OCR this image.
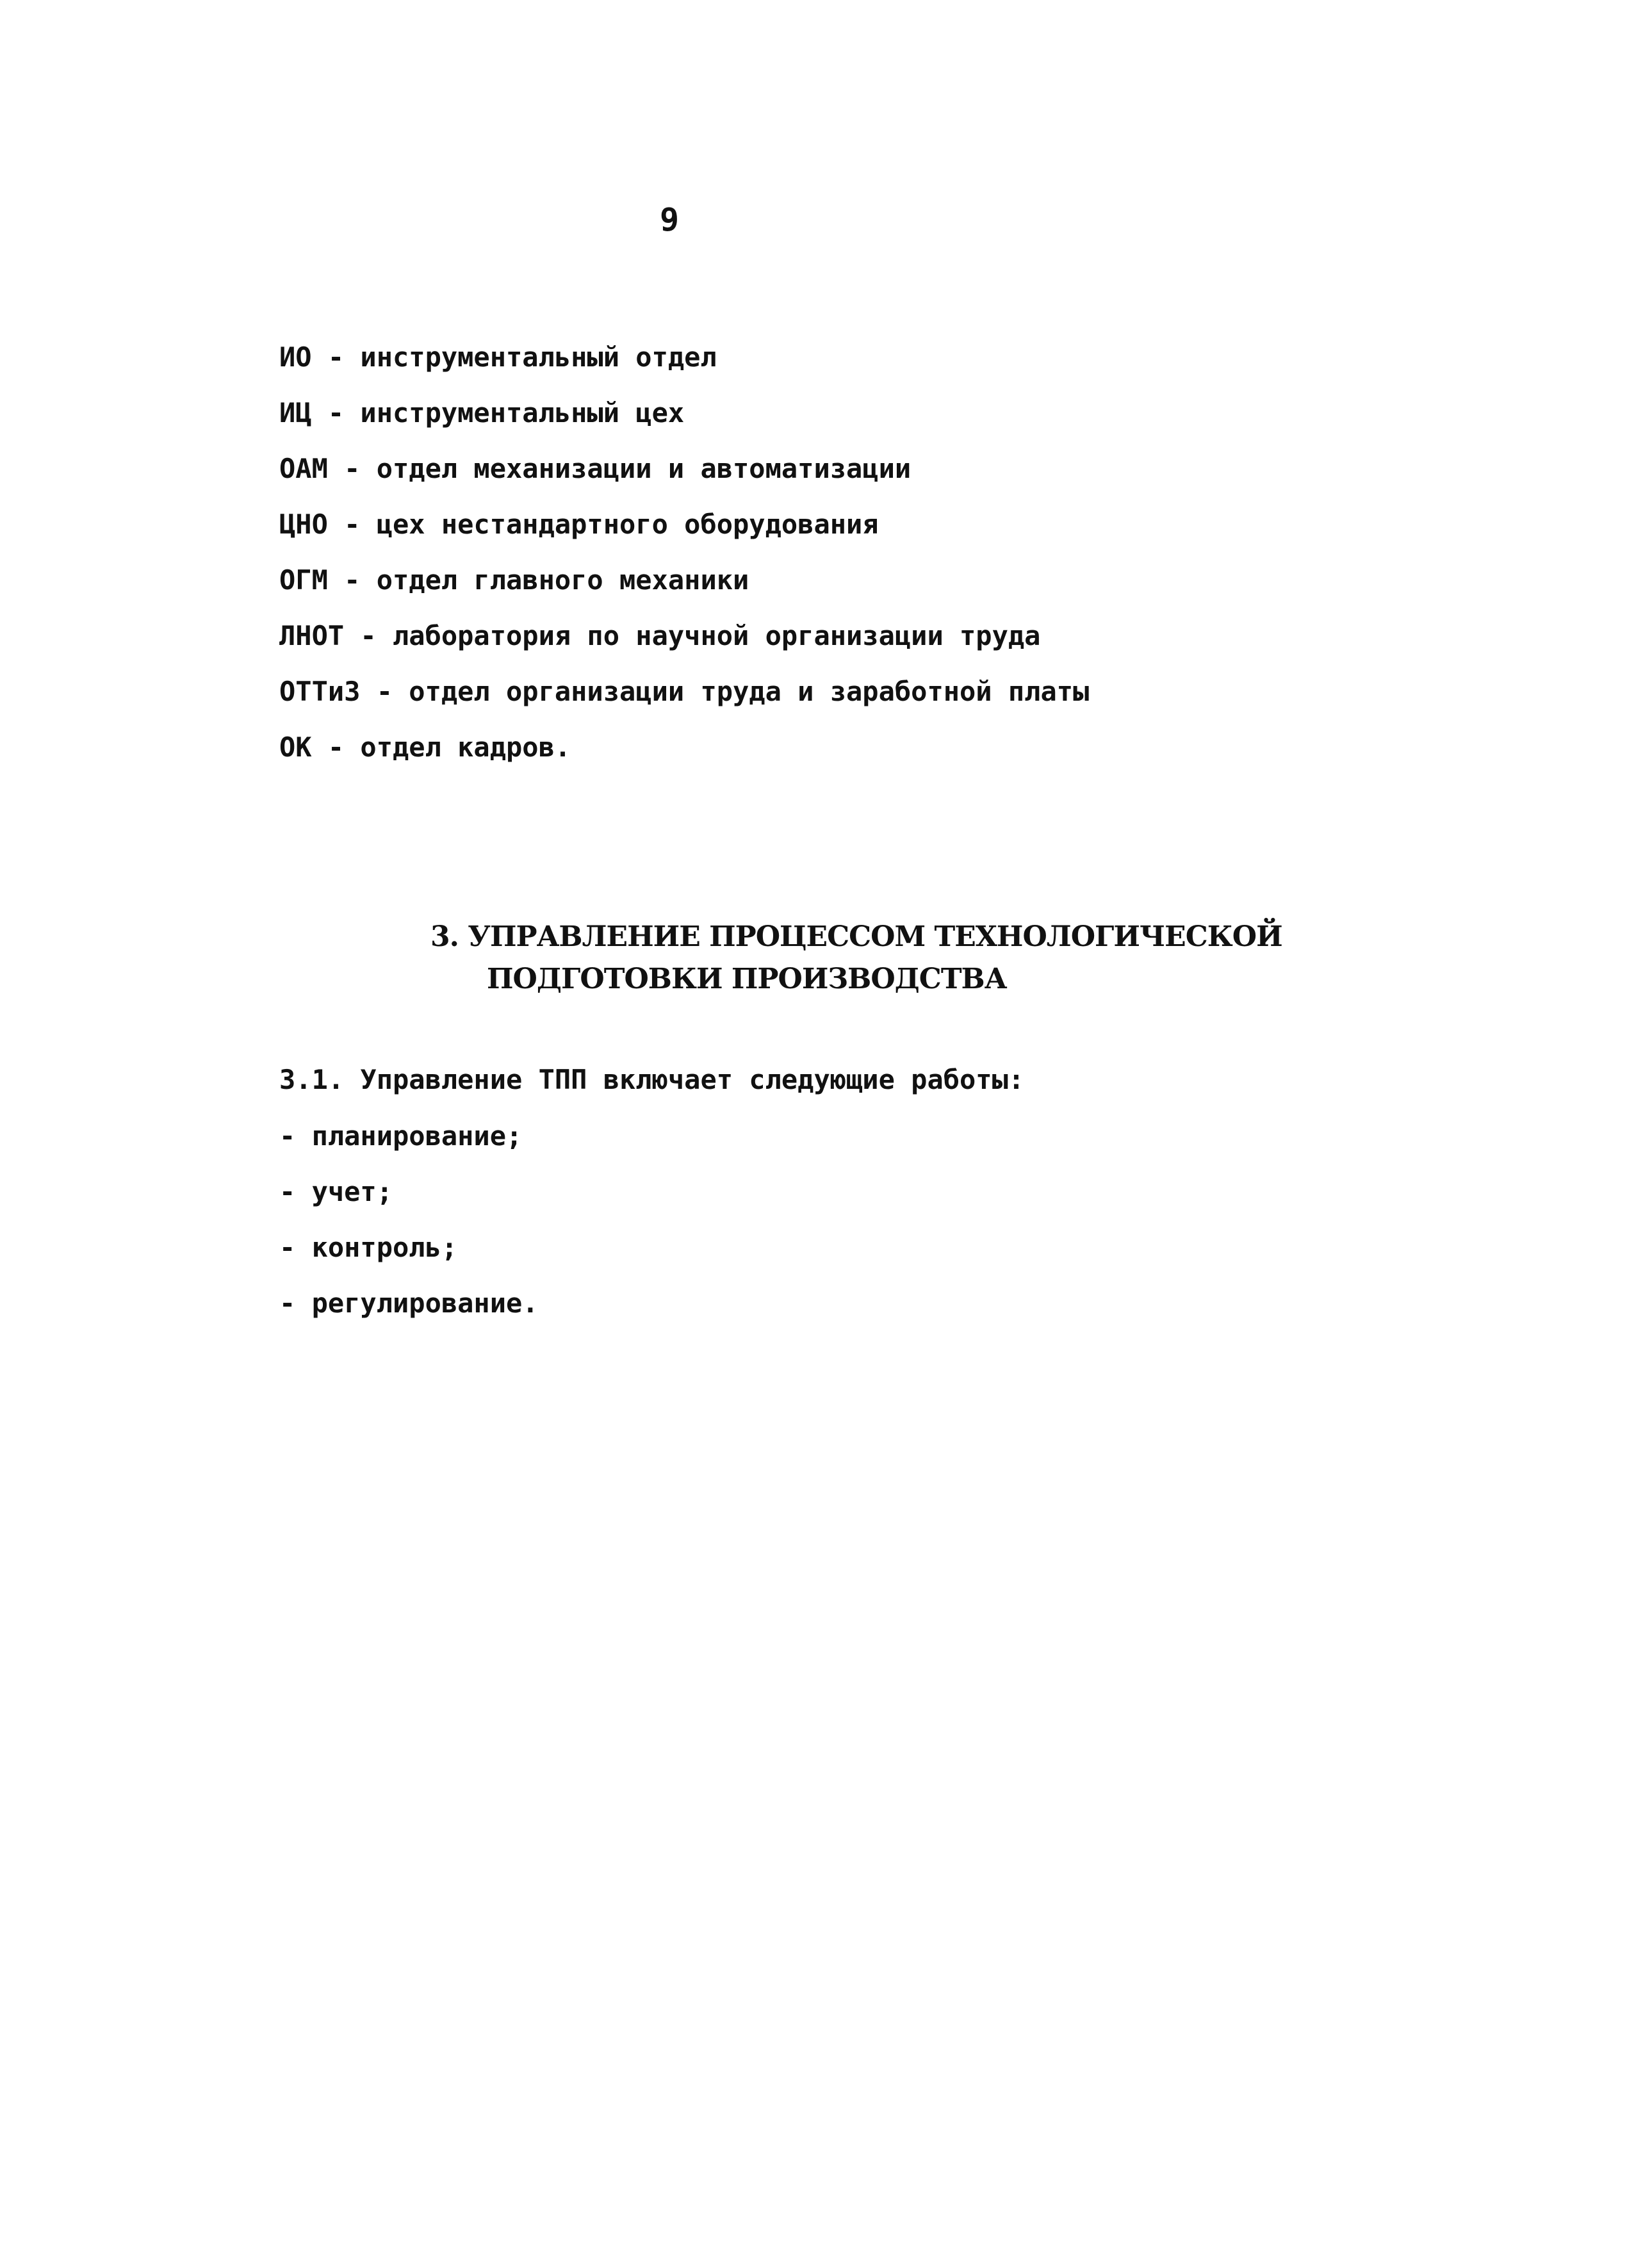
9
ИО - инструментальный отдел
ИЦ - инструментальный цех
ОАМ - отдел механизации и автоматизации
ЦНО - цех нестандартного оборудования
ОГМ - отдел главного механики
ЛНОТ - лаборатория по научной организации труда
ОТТиЗ - отдел организации труда и заработной платы
ОК - отдел кадров.
3. УПРАВЛЕНИЕ ПРОЦЕССОМ ТЕХНОЛОГИЧЕСКОЙ
ПОДГОТОВКИ ПРОИЗВОДСТВА
3.1. Управление ТПП включает следующие работы:
- планирование;
- учет;
- контроль;
- регулирование.
